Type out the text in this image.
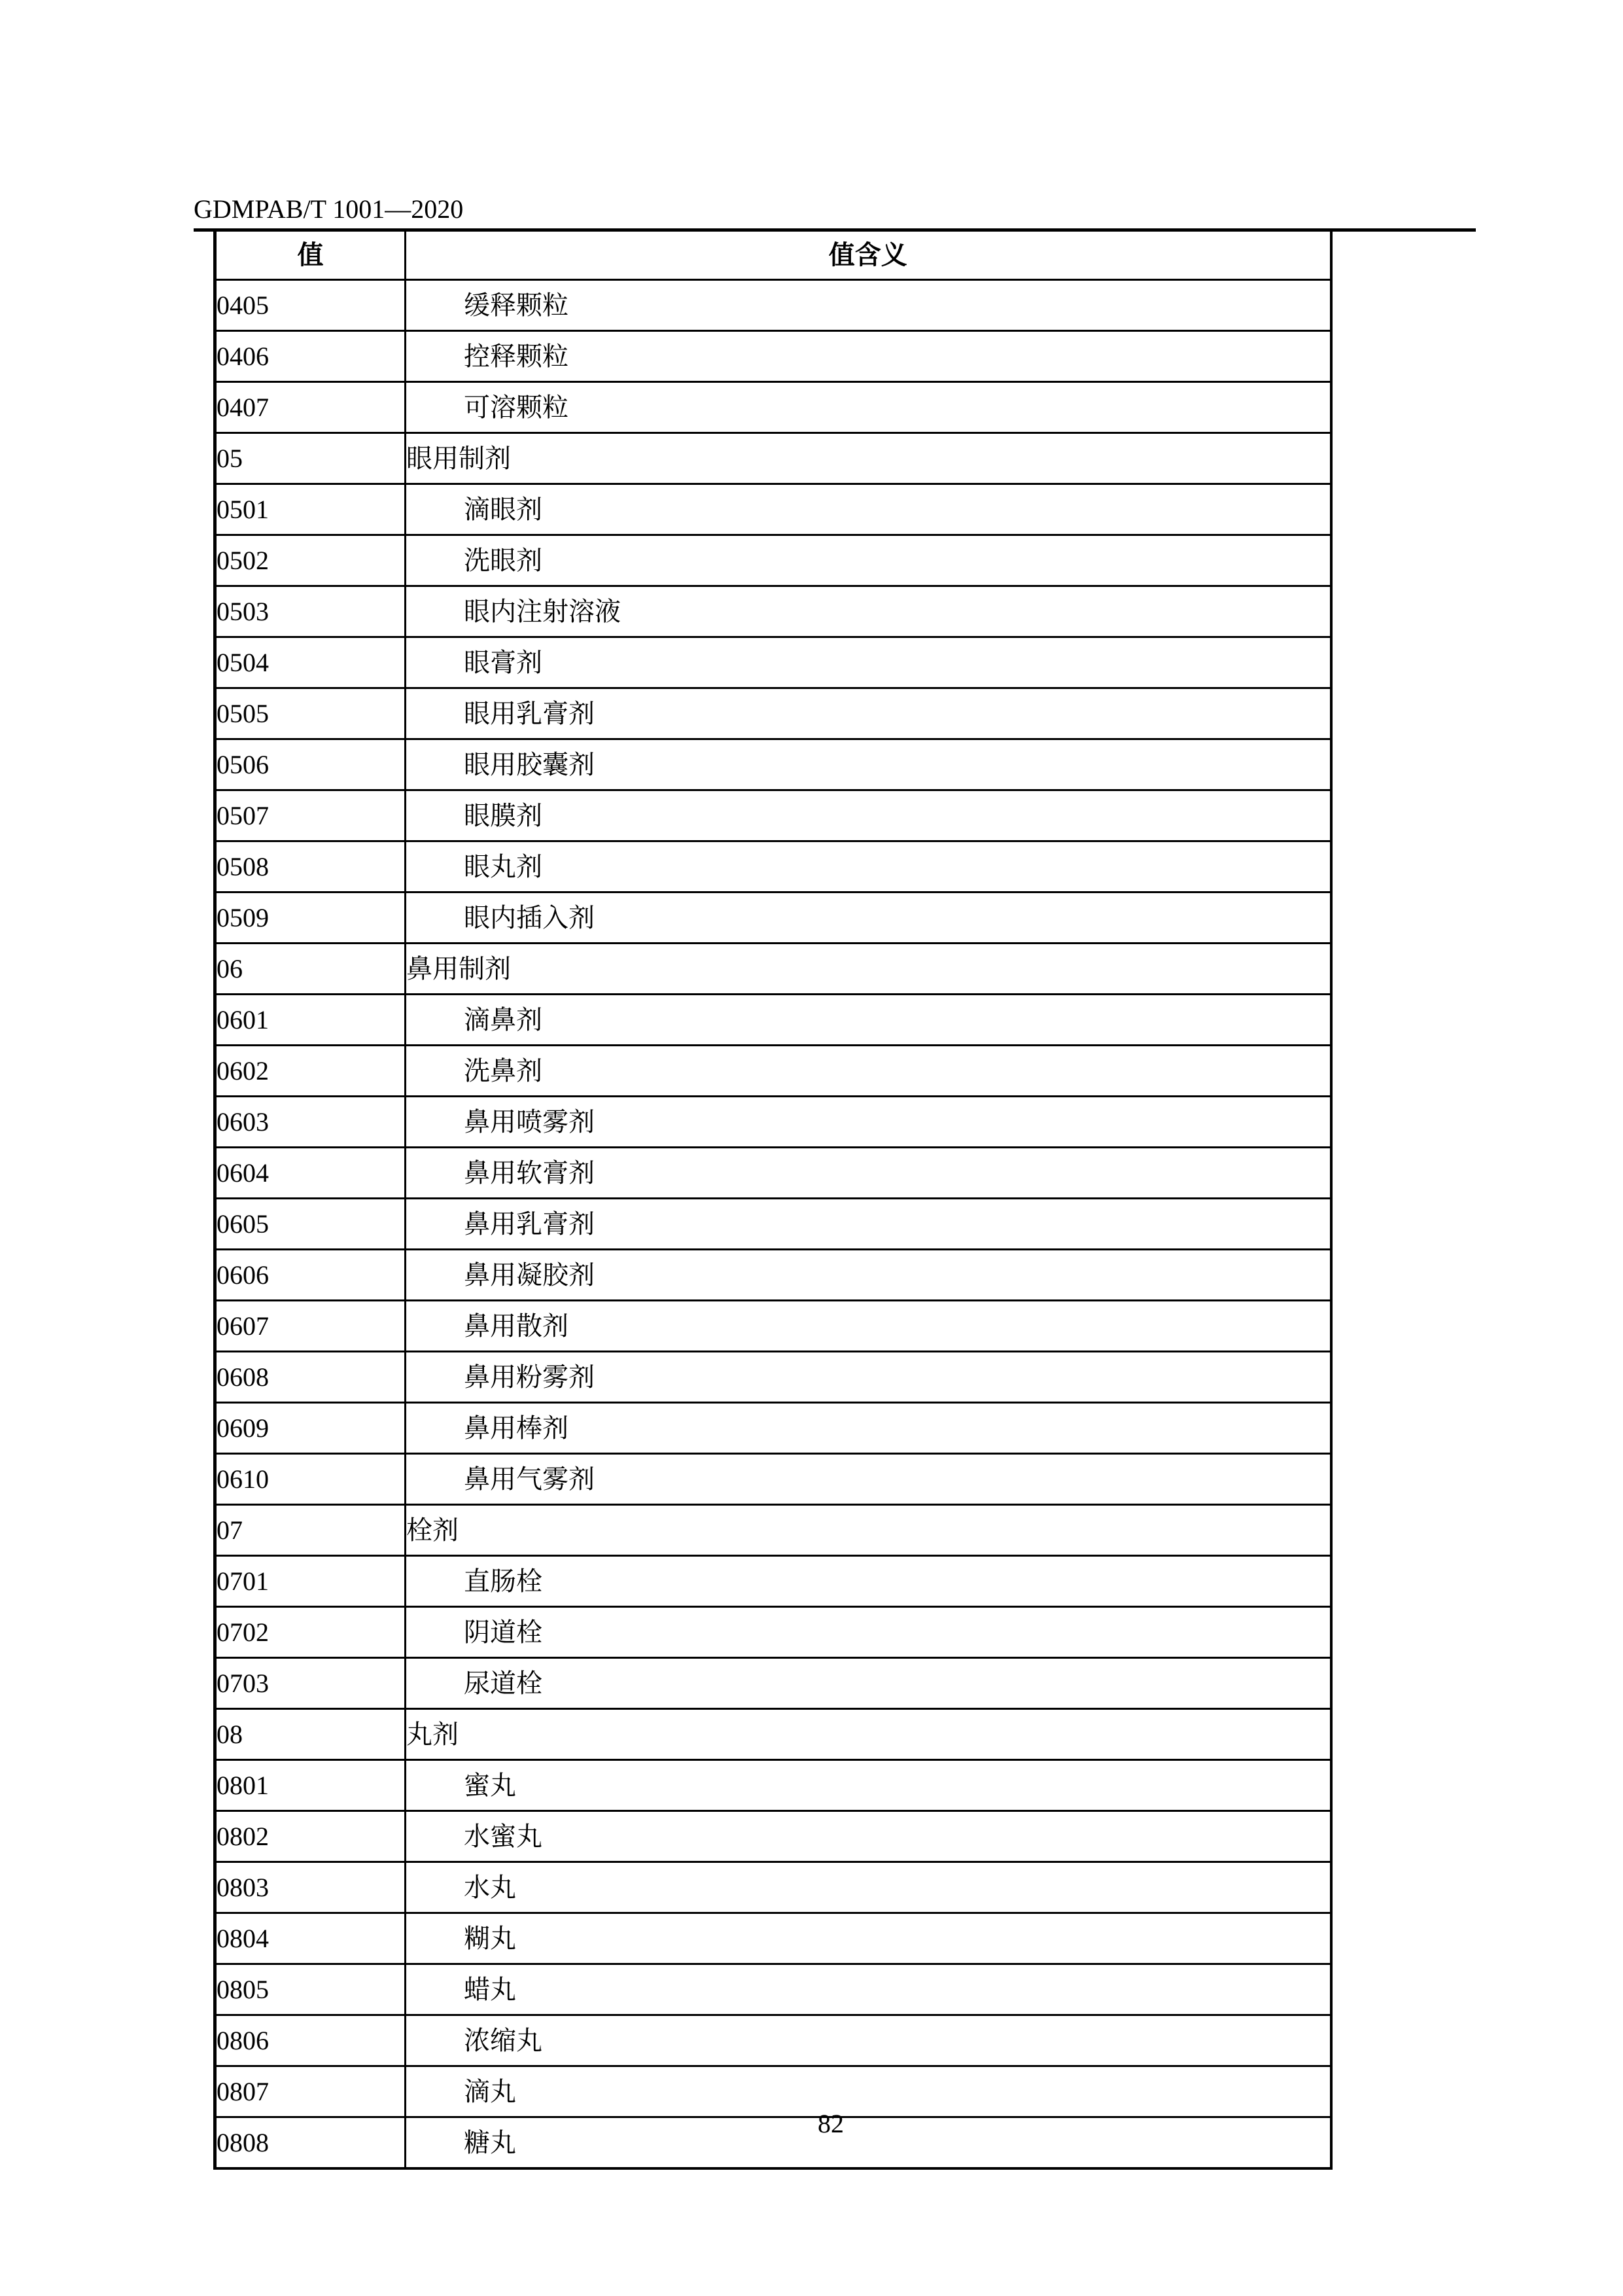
GDMPAB/T 1001—2020
值	值含义
0405	缓释颗粒
0406	控释颗粒
0407	可溶颗粒
05	眼用制剂
0501	滴眼剂
0502	洗眼剂
0503	眼内注射溶液
0504	眼膏剂
0505	眼用乳膏剂
0506	眼用胶囊剂
0507	眼膜剂
0508	眼丸剂
0509	眼内插入剂
06	鼻用制剂
0601	滴鼻剂
0602	洗鼻剂
0603	鼻用喷雾剂
0604	鼻用软膏剂
0605	鼻用乳膏剂
0606	鼻用凝胶剂
0607	鼻用散剂
0608	鼻用粉雾剂
0609	鼻用棒剂
0610	鼻用气雾剂
07	栓剂
0701	直肠栓
0702	阴道栓
0703	尿道栓
08	丸剂
0801	蜜丸
0802	水蜜丸
0803	水丸
0804	糊丸
0805	蜡丸
0806	浓缩丸
0807	滴丸
0808	糖丸
82
